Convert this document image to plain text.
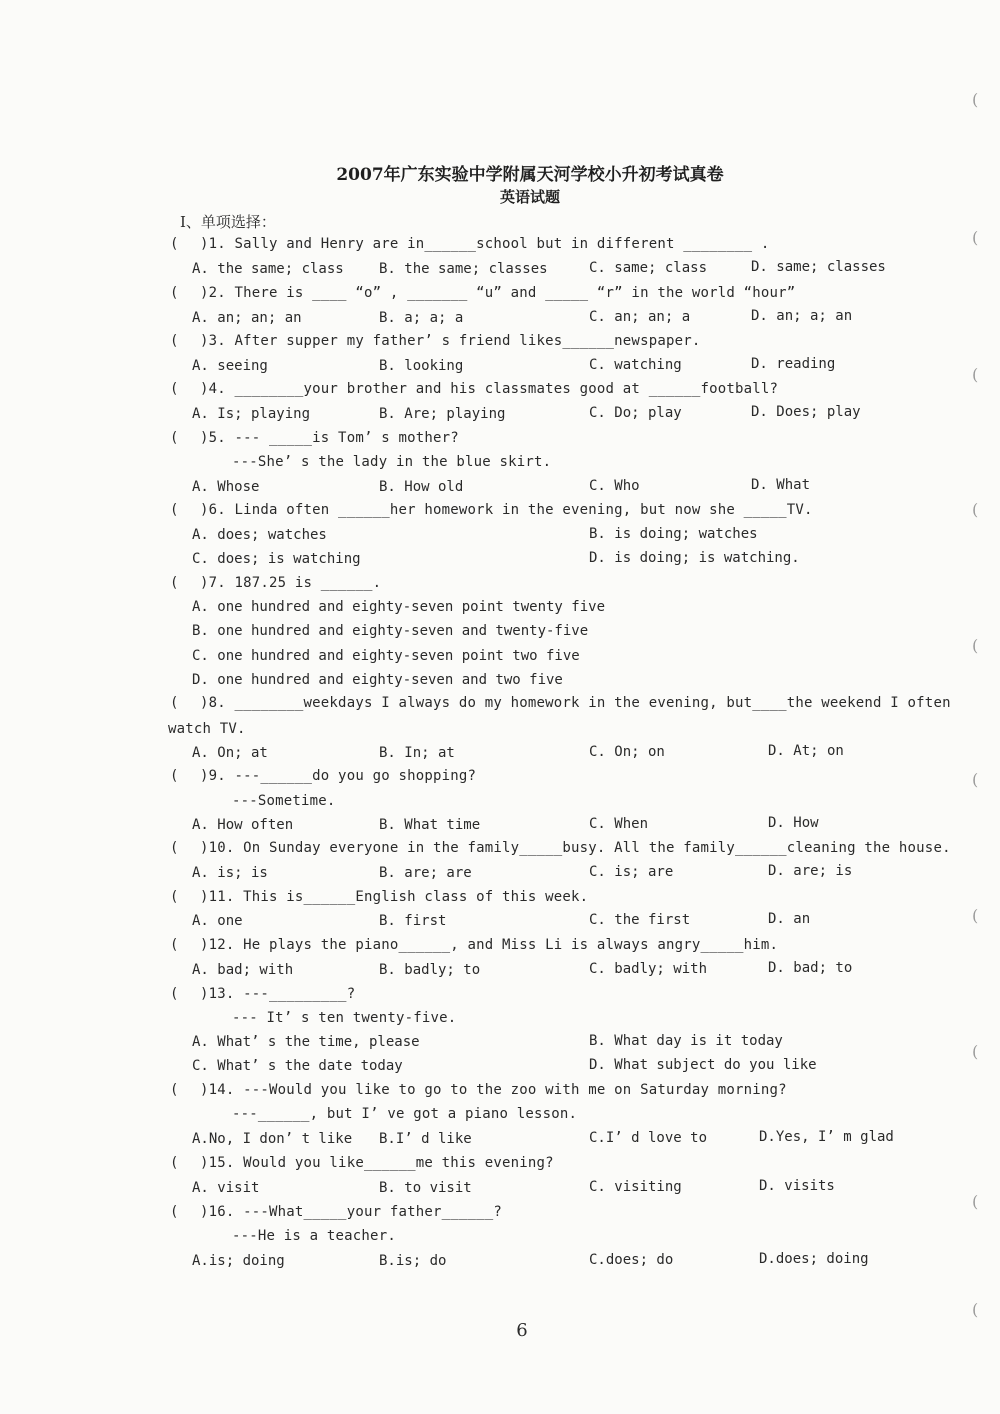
2007年广东实验中学附属天河学校小升初考试真卷
英语试题
Ⅰ、单项选择：
( )1. Sally and Henry are in______school but in different ________ .
A. the same; class	B. the same; classes	C. same; class	D. same; classes
( )2. There is ____ “o” , _______ “u” and _____ “r” in the world “hour”
A. an; an; an	B. a; a; a	C. an; an; a	D. an; a; an
( )3. After supper my father’ s friend likes______newspaper.
A. seeing	B. looking	C. watching	D. reading
( )4. ________your brother and his classmates good at ______football?
A. Is; playing	B. Are; playing	C. Do; play	D. Does; play
( )5. --- _____is Tom’ s mother?
---She’ s the lady in the blue skirt.
A. Whose	B. How old	C. Who	D. What
( )6. Linda often ______her homework in the evening, but now she _____TV.
A. does; watches	B. is doing; watches
C. does; is watching	D. is doing; is watching.
( )7. 187.25 is ______.
A. one hundred and eighty-seven point twenty five
B. one hundred and eighty-seven and twenty-five
C. one hundred and eighty-seven point two five
D. one hundred and eighty-seven and two five
( )8. ________weekdays I always do my homework in the evening, but____the weekend I often
watch TV.
A. On; at	B. In; at	C. On; on	D. At; on
( )9. ---______do you go shopping?
---Sometime.
A. How often	B. What time	C. When	D. How
( )10. On Sunday everyone in the family_____busy. All the family______cleaning the house.
A. is; is	B. are; are	C. is; are	D. are; is
( )11. This is______English class of this week.
A. one	B. first	C. the first	D. an
( )12. He plays the piano______, and Miss Li is always angry_____him.
A. bad; with	B. badly; to	C. badly; with	D. bad; to
( )13. ---_________?
--- It’ s ten twenty-five.
A. What’ s the time, please	B. What day is it today
C. What’ s the date today	D. What subject do you like
( )14. ---Would you like to go to the zoo with me on Saturday morning?
---______, but I’ ve got a piano lesson.
A.No, I don’ t like B.I’ d like	C.I’ d love to	D.Yes, I’ m glad
( )15. Would you like______me this evening?
A. visit	B. to visit	C. visiting	D. visits
( )16. ---What_____your father______?
---He is a teacher.
A.is; doing	B.is; do	C.does; do	D.does; doing
6
(
(
(
(
(
(
(
(
(
(
